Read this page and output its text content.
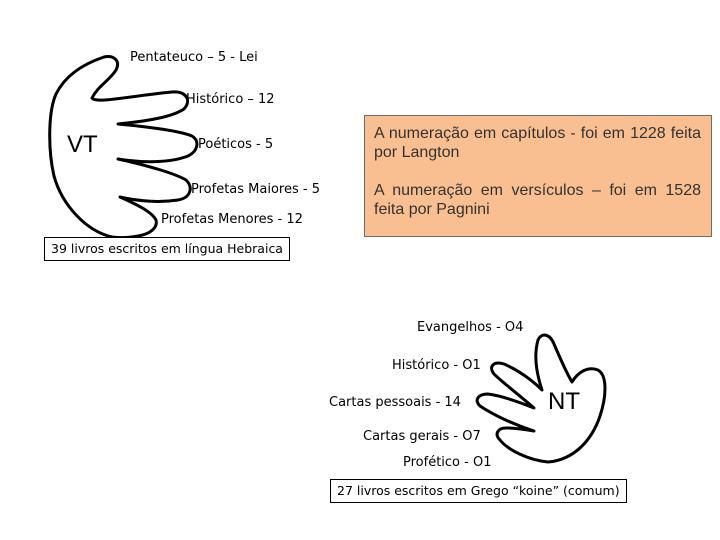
VT
Pentateuco – 5 - Lei
Histórico – 12
Poéticos - 5
Profetas Maiores - 5
Profetas Menores - 12
39 livros escritos em língua Hebraica

A numeração em capítulos - foi em 1228 feita por Langton

A numeração em versículos – foi em 1528 feita por Pagnini

Evangelhos - O4
Histórico - O1
Cartas pessoais - 14	NT
Cartas gerais - O7
Profético - O1
27 livros escritos em Grego “koine” (comum)
